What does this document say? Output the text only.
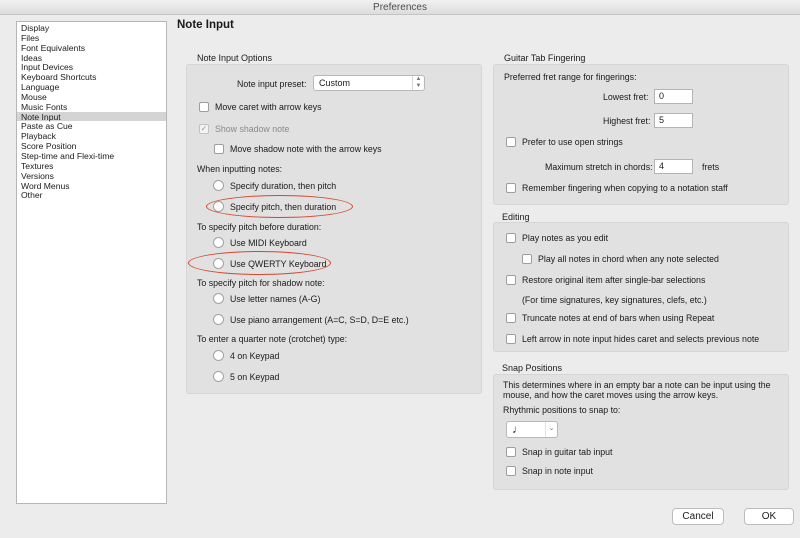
Preferences
Display
Files
Font Equivalents
Ideas
Input Devices
Keyboard Shortcuts
Language
Mouse
Music Fonts
Note Input
Paste as Cue
Playback
Score Position
Step-time and Flexi-time
Textures
Versions
Word Menus
Other
Note Input
Note Input Options
Note input preset:	Custom	▲
▼
Move caret with arrow keys
✓ Show shadow note
Move shadow note with the arrow keys
When inputting notes:
Specify duration, then pitch
Specify pitch, then duration
To specify pitch before duration:
Use MIDI Keyboard
Use QWERTY Keyboard
To specify pitch for shadow note:
Use letter names (A-G)
Use piano arrangement (A=C, S=D, D=E etc.)
To enter a quarter note (crotchet) type:
4 on Keypad
5 on Keypad
Guitar Tab Fingering
Preferred fret range for fingerings:
Lowest fret:	0
Highest fret: 5
Prefer to use open strings
Maximum stretch in chords: 4	frets
Remember fingering when copying to a notation staff
Editing
Play notes as you edit
Play all notes in chord when any note selected
Restore original item after single-bar selections
(For time signatures, key signatures, clefs, etc.)
Truncate notes at end of bars when using Repeat
Left arrow in note input hides caret and selects previous note
Snap Positions
This determines where in an empty bar a note can be input using the
mouse, and how the caret moves using the arrow keys.
Rhythmic positions to snap to:
♩	⌄
Snap in guitar tab input
Snap in note input
Cancel	OK
